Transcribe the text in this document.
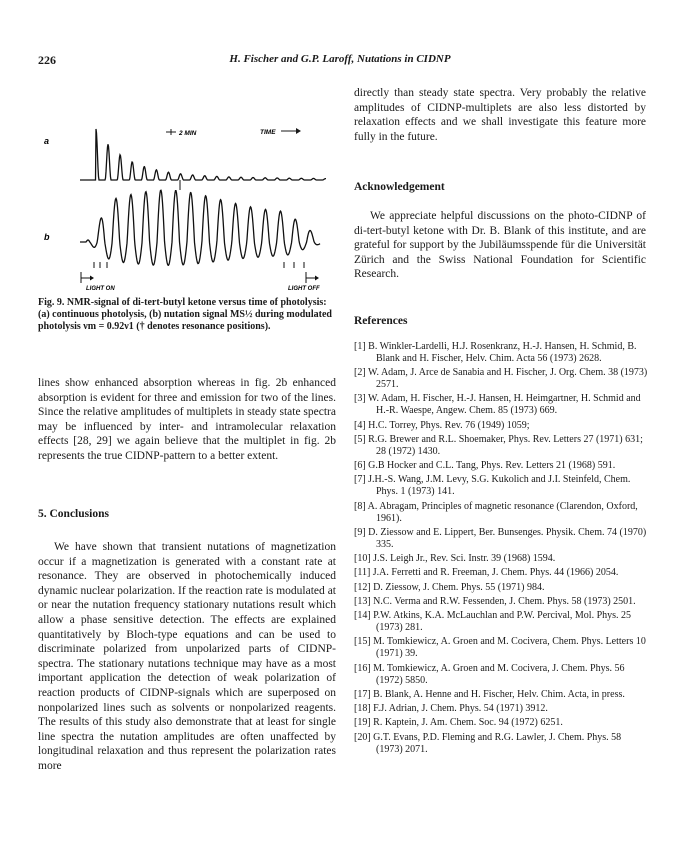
226	H. Fischer and G.P. Laroff, Nutations in CIDNP
a
b
2 MIN	TIME
LIGHT ON	LIGHT OFF

Fig. 9. NMR-signal of di-tert-butyl ketone versus time of photolysis: (a) continuous photolysis, (b) nutation signal MS½ during modulated photolysis νm = 0.92ν1 († denotes resonance positions).

lines show enhanced absorption whereas in fig. 2b enhanced absorption is evident for three and emission for two of the lines. Since the relative amplitudes of multiplets in steady state spectra may be influenced by inter- and intramolecular relaxation effects [28, 29] we again believe that the multiplet in fig. 2b represents the true CIDNP-pattern to a better extent.

5. Conclusions

We have shown that transient nutations of magnetization occur if a magnetization is generated with a constant rate at resonance. They are observed in photochemically induced dynamic nuclear polarization. If the reaction rate is modulated at or near the nutation frequency stationary nutations result which allow a phase sensitive detection. The effects are explained quantitatively by Bloch-type equations and can be used to discriminate polarized from unpolarized parts of CIDNP-spectra. The stationary nutations technique may have as a most important application the detection of weak polarization of reaction products of CIDNP-signals which are superposed on nonpolarized lines such as solvents or nonpolarized reagents. The results of this study also demonstrate that at least for single line spectra the nutation amplitudes are often unaffected by longitudinal relaxation and thus represent the polarization rates more

directly than steady state spectra. Very probably the relative amplitudes of CIDNP-multiplets are also less distorted by relaxation effects and we shall investigate this feature more fully in the future.

Acknowledgement

We appreciate helpful discussions on the photo-CIDNP of di-tert-butyl ketone with Dr. B. Blank of this institute, and are grateful for support by the Jubiläumsspende für die Universität Zürich and the Swiss National Foundation for Scientific Research.

References

[1] B. Winkler-Lardelli, H.J. Rosenkranz, H.-J. Hansen, H. Schmid, B. Blank and H. Fischer, Helv. Chim. Acta 56 (1973) 2628.
[2] W. Adam, J. Arce de Sanabia and H. Fischer, J. Org. Chem. 38 (1973) 2571.
[3] W. Adam, H. Fischer, H.-J. Hansen, H. Heimgartner, H. Schmid and H.-R. Waespe, Angew. Chem. 85 (1973) 669.
[4] H.C. Torrey, Phys. Rev. 76 (1949) 1059;
[5] R.G. Brewer and R.L. Shoemaker, Phys. Rev. Letters 27 (1971) 631; 28 (1972) 1430.
[6] G.B Hocker and C.L. Tang, Phys. Rev. Letters 21 (1968) 591.
[7] J.H.-S. Wang, J.M. Levy, S.G. Kukolich and J.I. Steinfeld, Chem. Phys. 1 (1973) 141.
[8] A. Abragam, Principles of magnetic resonance (Clarendon, Oxford, 1961).
[9] D. Ziessow and E. Lippert, Ber. Bunsenges. Physik. Chem. 74 (1970) 335.
[10] J.S. Leigh Jr., Rev. Sci. Instr. 39 (1968) 1594.
[11] J.A. Ferretti and R. Freeman, J. Chem. Phys. 44 (1966) 2054.
[12] D. Ziessow, J. Chem. Phys. 55 (1971) 984.
[13] N.C. Verma and R.W. Fessenden, J. Chem. Phys. 58 (1973) 2501.
[14] P.W. Atkins, K.A. McLauchlan and P.W. Percival, Mol. Phys. 25 (1973) 281.
[15] M. Tomkiewicz, A. Groen and M. Cocivera, Chem. Phys. Letters 10 (1971) 39.
[16] M. Tomkiewicz, A. Groen and M. Cocivera, J. Chem. Phys. 56 (1972) 5850.
[17] B. Blank, A. Henne and H. Fischer, Helv. Chim. Acta, in press.
[18] F.J. Adrian, J. Chem. Phys. 54 (1971) 3912.
[19] R. Kaptein, J. Am. Chem. Soc. 94 (1972) 6251.
[20] G.T. Evans, P.D. Fleming and R.G. Lawler, J. Chem. Phys. 58 (1973) 2071.
